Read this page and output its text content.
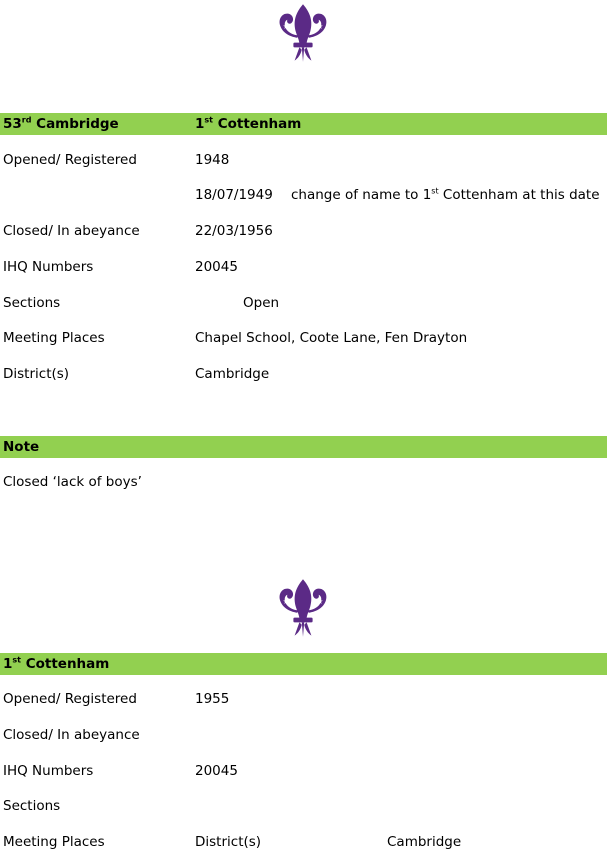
53rd Cambridge	1st Cottenham
Opened/ Registered	1948
18/07/1949 change of name to 1st Cottenham at this date
Closed/ In abeyance	22/03/1956
IHQ Numbers	20045
Sections	Open
Meeting Places	Chapel School, Coote Lane, Fen Drayton
District(s)	Cambridge
Note
Closed ‘lack of boys’
1st Cottenham
Opened/ Registered	1955
Closed/ In abeyance
IHQ Numbers	20045
Sections
Meeting Places	District(s)	Cambridge
